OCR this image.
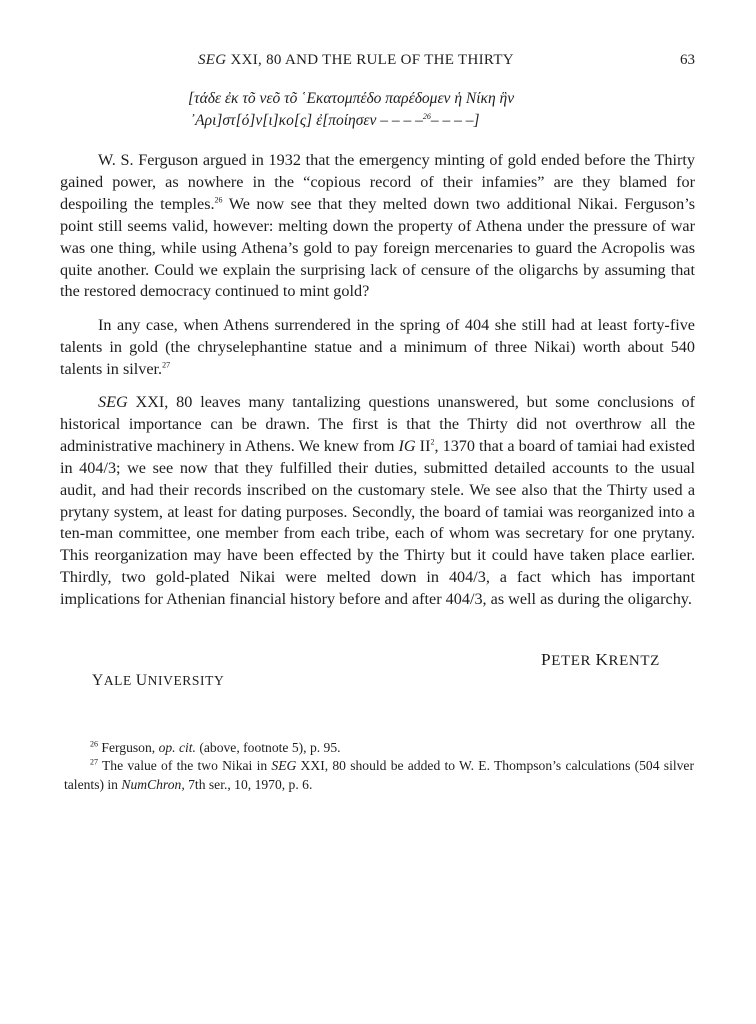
SEG XXI, 80 AND THE RULE OF THE THIRTY	63
[τάδε ἐκ τõ νεõ τõ ῾Εκατομπέδο παρέδομεν ἡ Νίκη ἣν
᾿Αρι]στ[ό]ν[ι]κο[ς] ἐ[ποίησεν – – – –$^{26}$– – – –]

W. S. Ferguson argued in 1932 that the emergency minting of gold ended before the Thirty gained power, as nowhere in the “copious record of their infamies” are they blamed for despoiling the temples.$^{26}$ We now see that they melted down two additional Nikai. Ferguson’s point still seems valid, however: melting down the property of Athena under the pressure of war was one thing, while using Athena’s gold to pay foreign mercenaries to guard the Acropolis was quite another. Could we explain the surprising lack of censure of the oligarchs by assuming that the restored democracy continued to mint gold?

In any case, when Athens surrendered in the spring of 404 she still had at least forty-five talents in gold (the chryselephantine statue and a minimum of three Nikai) worth about 540 talents in silver.$^{27}$

SEG XXI, 80 leaves many tantalizing questions unanswered, but some conclusions of historical importance can be drawn. The first is that the Thirty did not overthrow all the administrative machinery in Athens. We knew from IG $II^2$, 1370 that a board of tamiai had existed in 404/3; we see now that they fulfilled their duties, submitted detailed accounts to the usual audit, and had their records inscribed on the customary stele. We see also that the Thirty used a prytany system, at least for dating purposes. Secondly, the board of tamiai was reorganized into a ten-man committee, one member from each tribe, each of whom was secretary for one prytany. This reorganization may have been effected by the Thirty but it could have taken place earlier. Thirdly, two gold-plated Nikai were melted down in 404/3, a fact which has important implications for Athenian financial history before and after 404/3, as well as during the oligarchy.

PETER KRENTZ
YALE UNIVERSITY

$^{26}$ Ferguson, op. cit. (above, footnote 5), p. 95.

$^{27}$ The value of the two Nikai in SEG XXI, 80 should be added to W. E. Thompson’s calculations (504 silver talents) in NumChron, 7th ser., 10, 1970, p. 6.
